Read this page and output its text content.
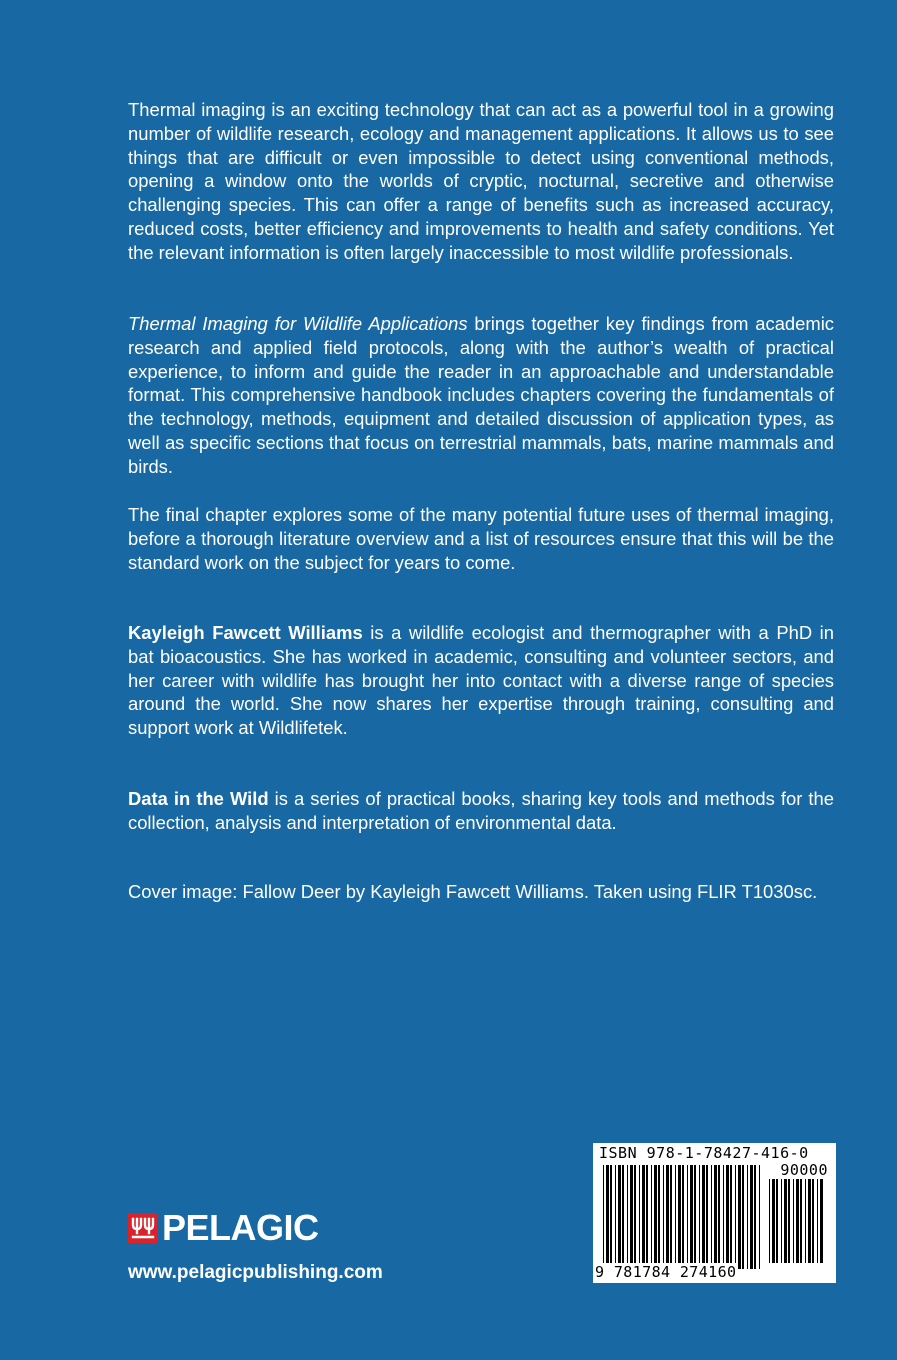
Thermal imaging is an exciting technology that can act as a powerful tool in a growing number of wildlife research, ecology and management applications. It allows us to see things that are difficult or even impossible to detect using conventional methods, opening a window onto the worlds of cryptic, nocturnal, secretive and otherwise challenging species. This can offer a range of benefits such as increased accuracy, reduced costs, better efficiency and improvements to health and safety conditions. Yet the relevant information is often largely inaccessible to most wildlife professionals.

Thermal Imaging for Wildlife Applications brings together key findings from academic research and applied field protocols, along with the author’s wealth of practical experience, to inform and guide the reader in an approachable and understandable format. This comprehensive handbook includes chapters covering the fundamentals of the technology, methods, equipment and detailed discussion of application types, as well as specific sections that focus on terrestrial mammals, bats, marine mammals and birds.

The final chapter explores some of the many potential future uses of thermal imaging, before a thorough literature overview and a list of resources ensure that this will be the standard work on the subject for years to come.

Kayleigh Fawcett Williams is a wildlife ecologist and thermographer with a PhD in bat bioacoustics. She has worked in academic, consulting and volunteer sectors, and her career with wildlife has brought her into contact with a diverse range of species around the world. She now shares her expertise through training, consulting and support work at Wildlifetek.

Data in the Wild is a series of practical books, sharing key tools and methods for the collection, analysis and interpretation of environmental data.

Cover image: Fallow Deer by Kayleigh Fawcett Williams. Taken using FLIR T1030sc.

PELAGIC
www.pelagicpublishing.com
ISBN 978-1-78427-416-0
90000
9 781784 274160
